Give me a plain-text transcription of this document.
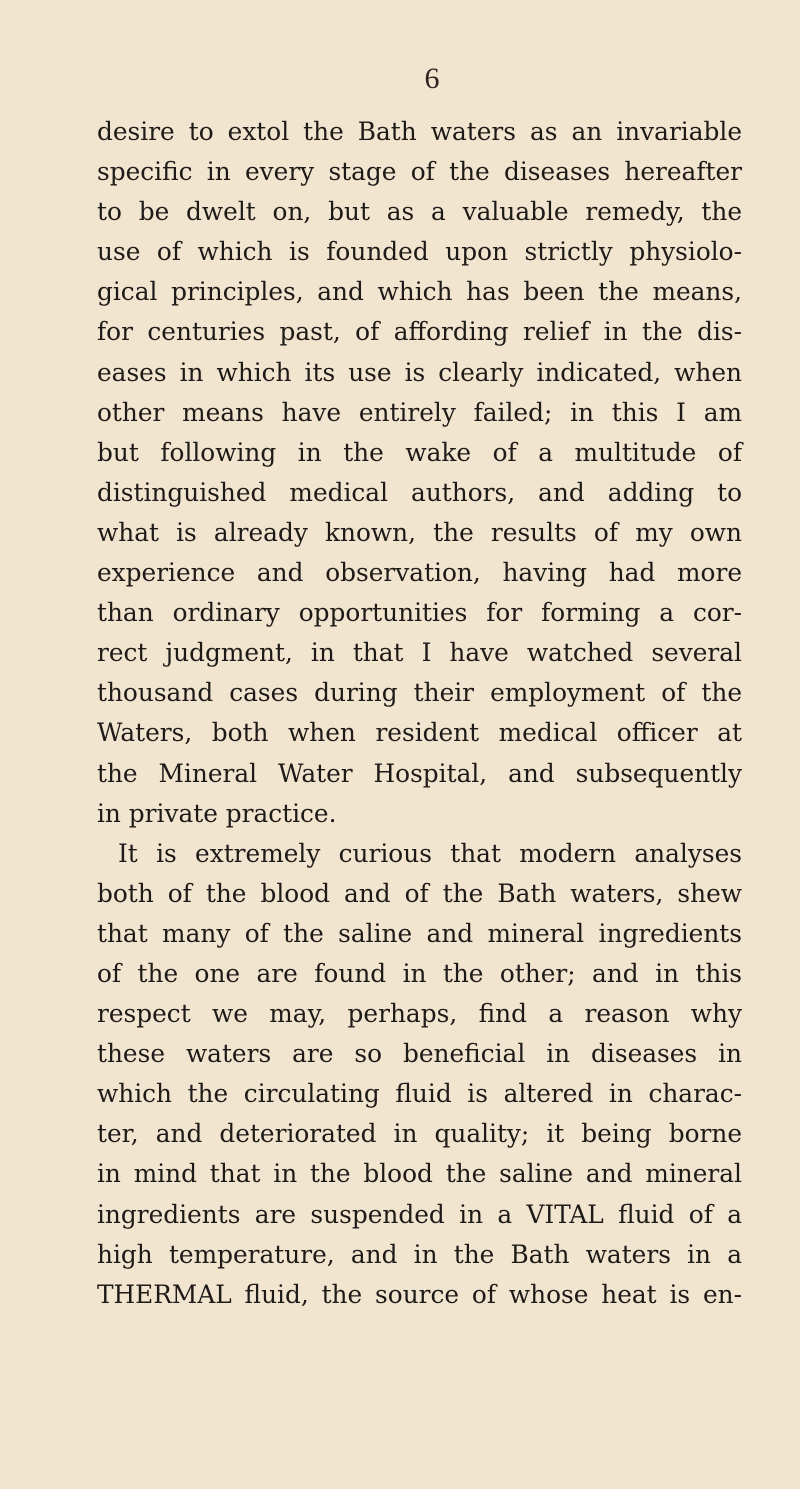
6
desire to extol the Bath waters as an invariable
specific in every stage of the diseases hereafter
to be dwelt on, but as a valuable remedy, the
use of which is founded upon strictly physiolo-
gical principles, and which has been the means,
for centuries past, of affording relief in the dis-
eases in which its use is clearly indicated, when
other means have entirely failed; in this I am
but following in the wake of a multitude of
distinguished medical authors, and adding to
what is already known, the results of my own
experience and observation, having had more
than ordinary opportunities for forming a cor-
rect judgment, in that I have watched several
thousand cases during their employment of the
Waters, both when resident medical officer at
the Mineral Water Hospital, and subsequently
in private practice.
It is extremely curious that modern analyses
both of the blood and of the Bath waters, shew
that many of the saline and mineral ingredients
of the one are found in the other; and in this
respect we may, perhaps, find a reason why
these waters are so beneficial in diseases in
which the circulating fluid is altered in charac-
ter, and deteriorated in quality; it being borne
in mind that in the blood the saline and mineral
ingredients are suspended in a VITAL fluid of a
high temperature, and in the Bath waters in a
THERMAL fluid, the source of whose heat is en-
